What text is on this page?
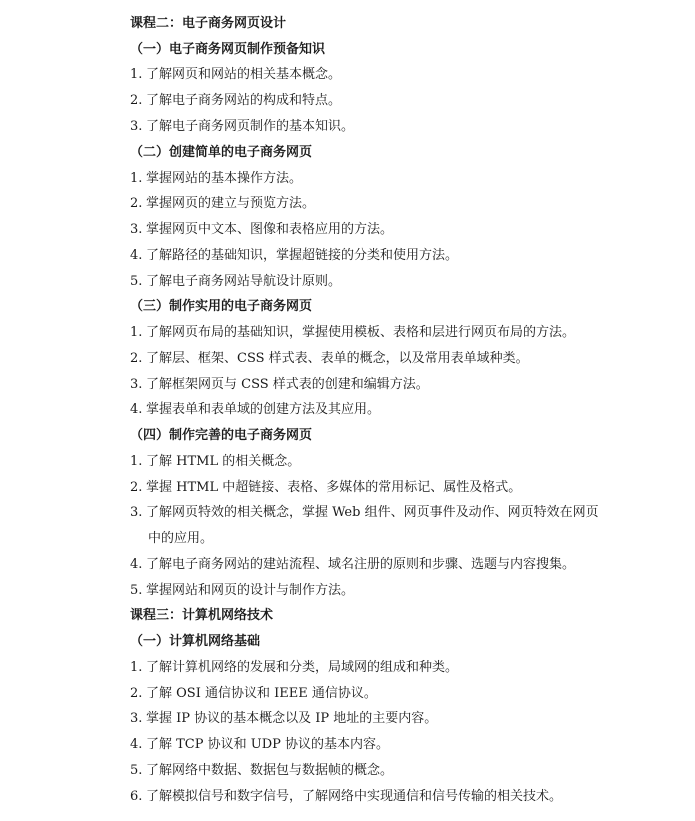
课程二：电子商务网页设计
（一）电子商务网页制作预备知识
1. 了解网页和网站的相关基本概念。
2. 了解电子商务网站的构成和特点。
3. 了解电子商务网页制作的基本知识。
（二）创建简单的电子商务网页
1. 掌握网站的基本操作方法。
2. 掌握网页的建立与预览方法。
3. 掌握网页中文本、图像和表格应用的方法。
4. 了解路径的基础知识，掌握超链接的分类和使用方法。
5. 了解电子商务网站导航设计原则。
（三）制作实用的电子商务网页
1. 了解网页布局的基础知识，掌握使用模板、表格和层进行网页布局的方法。
2. 了解层、框架、CSS 样式表、表单的概念，以及常用表单域种类。
3. 了解框架网页与 CSS 样式表的创建和编辑方法。
4. 掌握表单和表单域的创建方法及其应用。
（四）制作完善的电子商务网页
1. 了解 HTML 的相关概念。
2. 掌握 HTML 中超链接、表格、多媒体的常用标记、属性及格式。
3. 了解网页特效的相关概念，掌握 Web 组件、网页事件及动作、网页特效在网页
中的应用。
4. 了解电子商务网站的建站流程、域名注册的原则和步骤、选题与内容搜集。
5. 掌握网站和网页的设计与制作方法。
课程三：计算机网络技术
（一）计算机网络基础
1. 了解计算机网络的发展和分类，局域网的组成和种类。
2. 了解 OSI 通信协议和 IEEE 通信协议。
3. 掌握 IP 协议的基本概念以及 IP 地址的主要内容。
4. 了解 TCP 协议和 UDP 协议的基本内容。
5. 了解网络中数据、数据包与数据帧的概念。
6. 了解模拟信号和数字信号，了解网络中实现通信和信号传输的相关技术。
